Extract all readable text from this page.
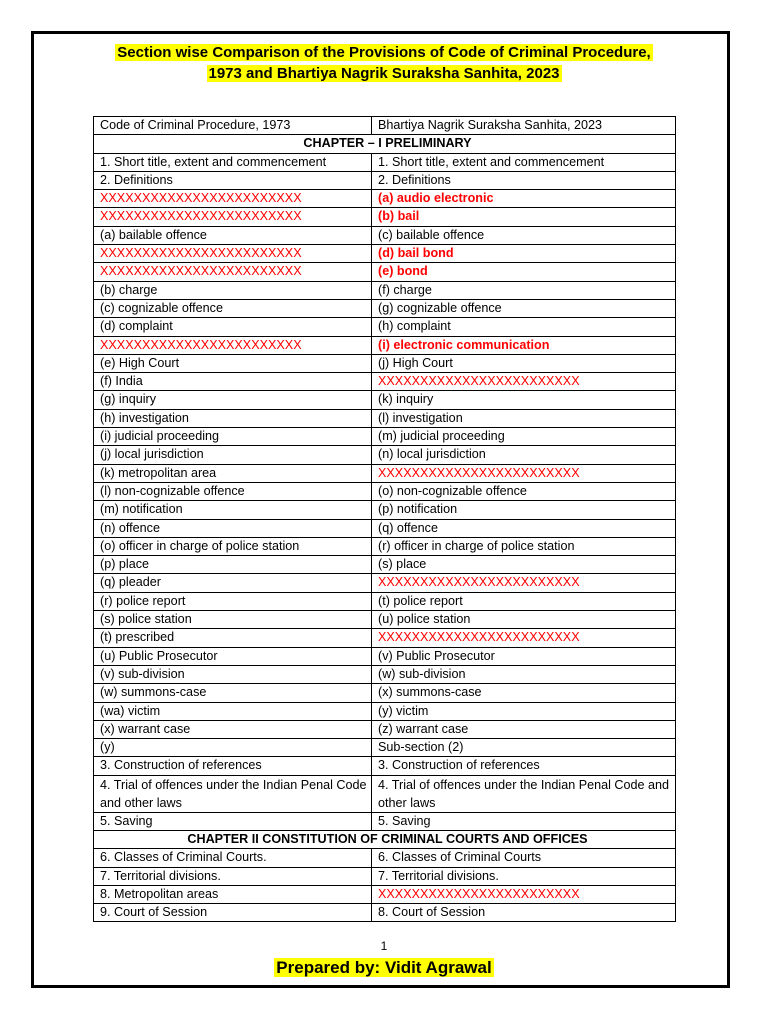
Section wise Comparison of the Provisions of Code of Criminal Procedure,
1973 and Bhartiya Nagrik Suraksha Sanhita, 2023
Code of Criminal Procedure, 1973	Bhartiya Nagrik Suraksha Sanhita, 2023
CHAPTER – I PRELIMINARY	
1. Short title, extent and commencement	1. Short title, extent and commencement
2. Definitions	2. Definitions
XXXXXXXXXXXXXXXXXXXXXXXX	(a) audio electronic
XXXXXXXXXXXXXXXXXXXXXXXX	(b) bail
(a) bailable offence	(c) bailable offence
XXXXXXXXXXXXXXXXXXXXXXXX	(d) bail bond
XXXXXXXXXXXXXXXXXXXXXXXX	(e) bond
(b) charge	(f) charge
(c) cognizable offence	(g) cognizable offence
(d) complaint	(h) complaint
XXXXXXXXXXXXXXXXXXXXXXXX	(i) electronic communication
(e) High Court	(j) High Court
(f) India	XXXXXXXXXXXXXXXXXXXXXXXX
(g) inquiry	(k) inquiry
(h) investigation	(l) investigation
(i) judicial proceeding	(m) judicial proceeding
(j) local jurisdiction	(n) local jurisdiction
(k) metropolitan area	XXXXXXXXXXXXXXXXXXXXXXXX
(l) non-cognizable offence	(o) non-cognizable offence
(m) notification	(p) notification
(n) offence	(q) offence
(o) officer in charge of police station	(r) officer in charge of police station
(p) place	(s) place
(q) pleader	XXXXXXXXXXXXXXXXXXXXXXXX
(r) police report	(t) police report
(s) police station	(u) police station
(t) prescribed	XXXXXXXXXXXXXXXXXXXXXXXX
(u) Public Prosecutor	(v) Public Prosecutor
(v) sub-division	(w) sub-division
(w) summons-case	(x) summons-case
(wa) victim	(y) victim
(x) warrant case	(z) warrant case
(y)	Sub-section (2)
3. Construction of references	3. Construction of references
4. Trial of offences under the Indian Penal Code and other laws	4. Trial of offences under the Indian Penal Code and other laws
5. Saving	5. Saving
CHAPTER II CONSTITUTION OF CRIMINAL COURTS AND OFFICES	
6. Classes of Criminal Courts.	6. Classes of Criminal Courts
7. Territorial divisions.	7. Territorial divisions.
8. Metropolitan areas	XXXXXXXXXXXXXXXXXXXXXXXX
9. Court of Session	8. Court of Session
1
Prepared by: Vidit Agrawal
